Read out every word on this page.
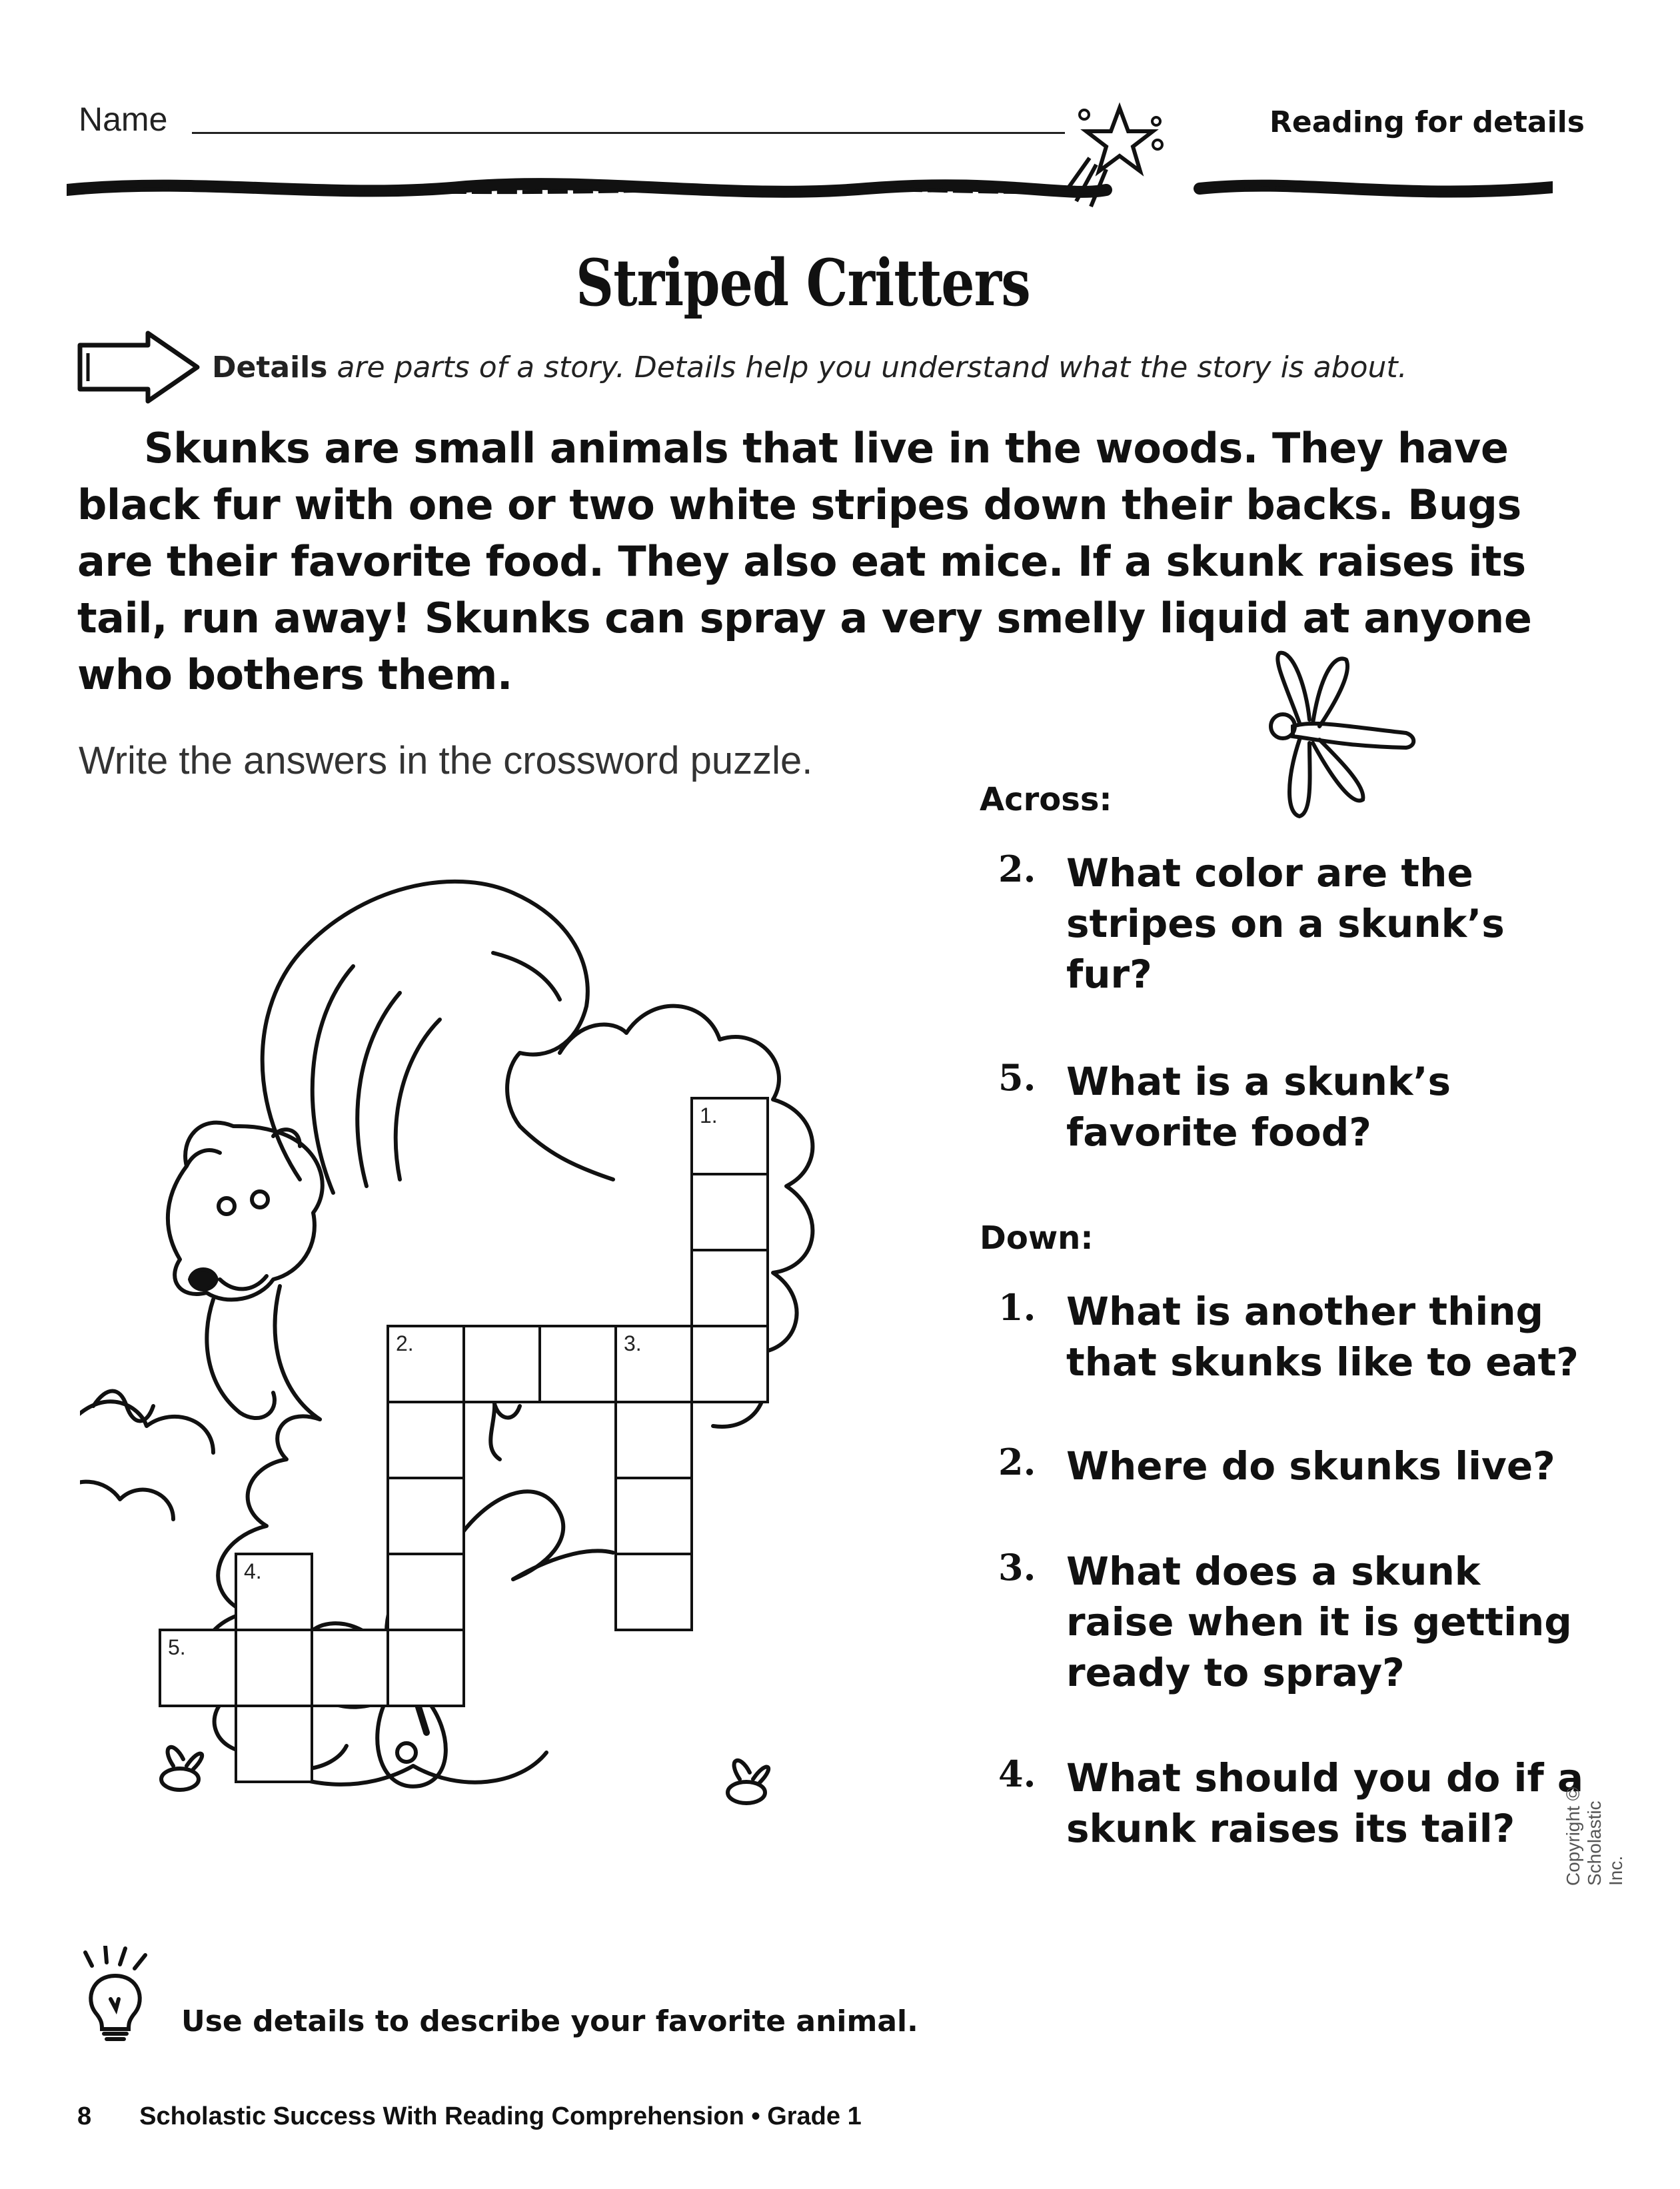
Name	Reading for details
Striped Critters
Details are parts of a story. Details help you understand what the story is about.
Skunks are small animals that live in the woods. They have black fur with one or two white stripes down their backs. Bugs are their favorite food. They also eat mice. If a skunk raises its tail, run away! Skunks can spray a very smelly liquid at anyone who bothers them.
Write the answers in the crossword puzzle.
1.
2.	3.
4.
5.
Across:
2. What color are the stripes on a skunk’s fur?
5. What is a skunk’s favorite food?
Down:
1. What is another thing that skunks like to eat?
2. Where do skunks live?
3. What does a skunk raise when it is getting ready to spray?
4. What should you do if a skunk raises its tail?	Copyright © Scholastic Inc.
Use details to describe your favorite animal.
8 Scholastic Success With Reading Comprehension • Grade 1
